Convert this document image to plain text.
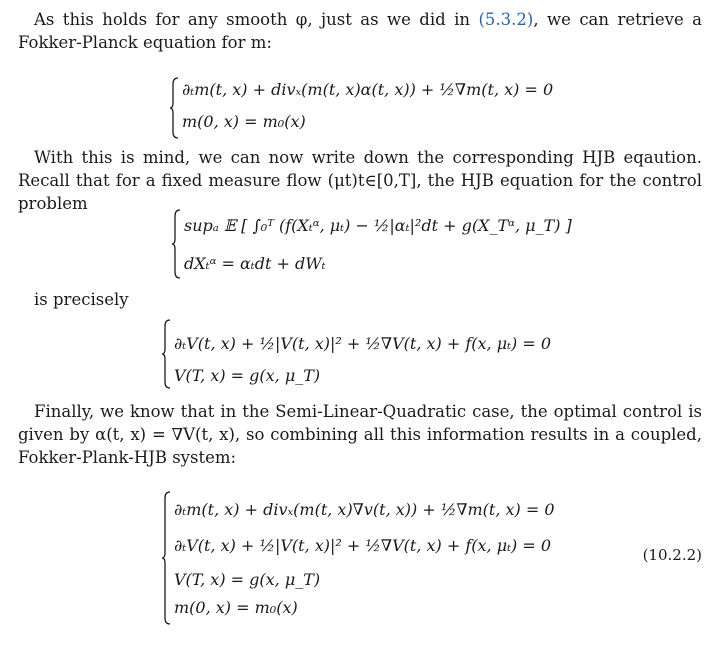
As this holds for any smooth φ, just as we did in (5.3.2), we can retrieve a Fokker-Planck equation for m:
∂ₜm(t, x) + divₓ(m(t, x)α(t, x)) + ½∇m(t, x) = 0
m(0, x) = m₀(x)
With this is mind, we can now write down the corresponding HJB eqaution. Recall that for a fixed measure flow (μt)t∈[0,T], the HJB equation for the control problem
supₐ 𝔼 [ ∫₀ᵀ (f(Xₜᵅ, μₜ) − ½|αₜ|²dt + g(X_Tᵅ, μ_T) ]
dXₜᵅ = αₜdt + dWₜ
is precisely
∂ₜV(t, x) + ½|V(t, x)|² + ½∇V(t, x) + f(x, μₜ) = 0
V(T, x) = g(x, μ_T)
Finally, we know that in the Semi-Linear-Quadratic case, the optimal control is given by α(t, x) = ∇V(t, x), so combining all this information results in a coupled, Fokker-Plank-HJB system:
∂ₜm(t, x) + divₓ(m(t, x)∇v(t, x)) + ½∇m(t, x) = 0
∂ₜV(t, x) + ½|V(t, x)|² + ½∇V(t, x) + f(x, μₜ) = 0
V(T, x) = g(x, μ_T)
m(0, x) = m₀(x)
(10.2.2)
